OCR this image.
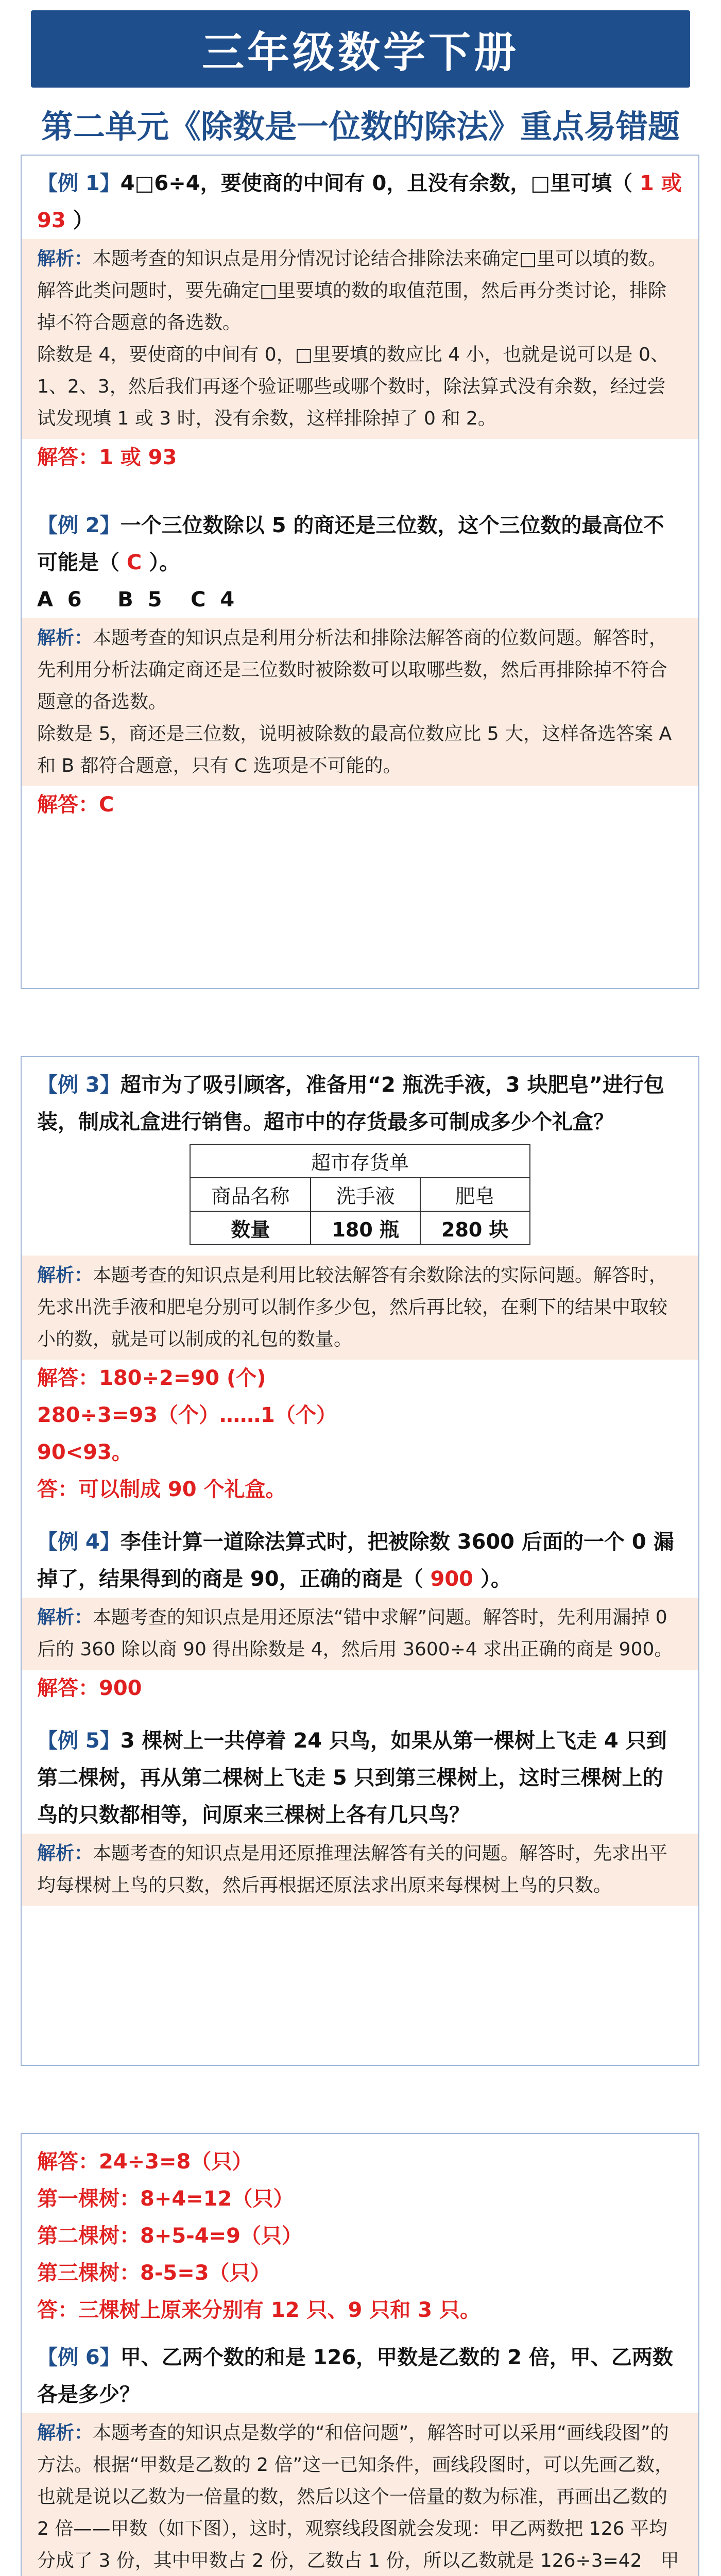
三年级数学下册
第二单元《除数是一位数的除法》重点易错题
【例 1】4□6÷4，要使商的中间有 0，且没有余数，□里可填（ 1 或 93 ）
解析：本题考查的知识点是用分情况讨论结合排除法来确定□里可以填的数。解答此类问题时，要先确定□里要填的数的取值范围，然后再分类讨论，排除掉不符合题意的备选数。
除数是 4，要使商的中间有 0，□里要填的数应比 4 小，也就是说可以是 0、1、2、3，然后我们再逐个验证哪些或哪个数时，除法算式没有余数，经过尝试发现填 1 或 3 时，没有余数，这样排除掉了 0 和 2。
解答：1 或 93
【例 2】一个三位数除以 5 的商还是三位数，这个三位数的最高位不可能是（ C ）。
A  6     B  5    C  4
解析：本题考查的知识点是利用分析法和排除法解答商的位数问题。解答时，先利用分析法确定商还是三位数时被除数可以取哪些数，然后再排除掉不符合题意的备选数。
除数是 5，商还是三位数，说明被除数的最高位数应比 5 大，这样备选答案 A 和 B 都符合题意，只有 C 选项是不可能的。
解答：C
【例 3】超市为了吸引顾客，准备用“2 瓶洗手液，3 块肥皂”进行包装，制成礼盒进行销售。超市中的存货最多可制成多少个礼盒？
超市存货单		
商品名称	洗手液	肥皂
数量	180 瓶	280 块
解析：本题考查的知识点是利用比较法解答有余数除法的实际问题。解答时，先求出洗手液和肥皂分别可以制作多少包，然后再比较，在剩下的结果中取较小的数，就是可以制成的礼包的数量。
解答：180÷2=90 (个)
280÷3=93（个）……1（个）
90<93。
答：可以制成 90 个礼盒。
【例 4】李佳计算一道除法算式时，把被除数 3600 后面的一个 0 漏掉了，结果得到的商是 90，正确的商是（ 900 ）。
解析：本题考查的知识点是用还原法“错中求解”问题。解答时，先利用漏掉 0 后的 360 除以商 90 得出除数是 4，然后用 3600÷4 求出正确的商是 900。
解答：900
【例 5】3 棵树上一共停着 24 只鸟，如果从第一棵树上飞走 4 只到第二棵树，再从第二棵树上飞走 5 只到第三棵树上，这时三棵树上的鸟的只数都相等，问原来三棵树上各有几只鸟？
解析：本题考查的知识点是用还原推理法解答有关的问题。解答时，先求出平均每棵树上鸟的只数，然后再根据还原法求出原来每棵树上鸟的只数。
解答：24÷3=8（只）
第一棵树：8+4=12（只）
第二棵树：8+5-4=9（只）
第三棵树：8-5=3（只）
答：三棵树上原来分别有 12 只、9 只和 3 只。
【例 6】甲、乙两个数的和是 126，甲数是乙数的 2 倍，甲、乙两数各是多少？
解析：本题考查的知识点是数学的“和倍问题”，解答时可以采用“画线段图”的方法。根据“甲数是乙数的 2 倍”这一已知条件，画线段图时，可以先画乙数，也就是说以乙数为一倍量的数，然后以这个一倍量的数为标准，再画出乙数的 2 倍——甲数（如下图），这时，观察线段图就会发现：甲乙两数把 126 平均分成了 3 份，其中甲数占 2 份，乙数占 1 份，所以乙数就是 126÷3=42　甲
